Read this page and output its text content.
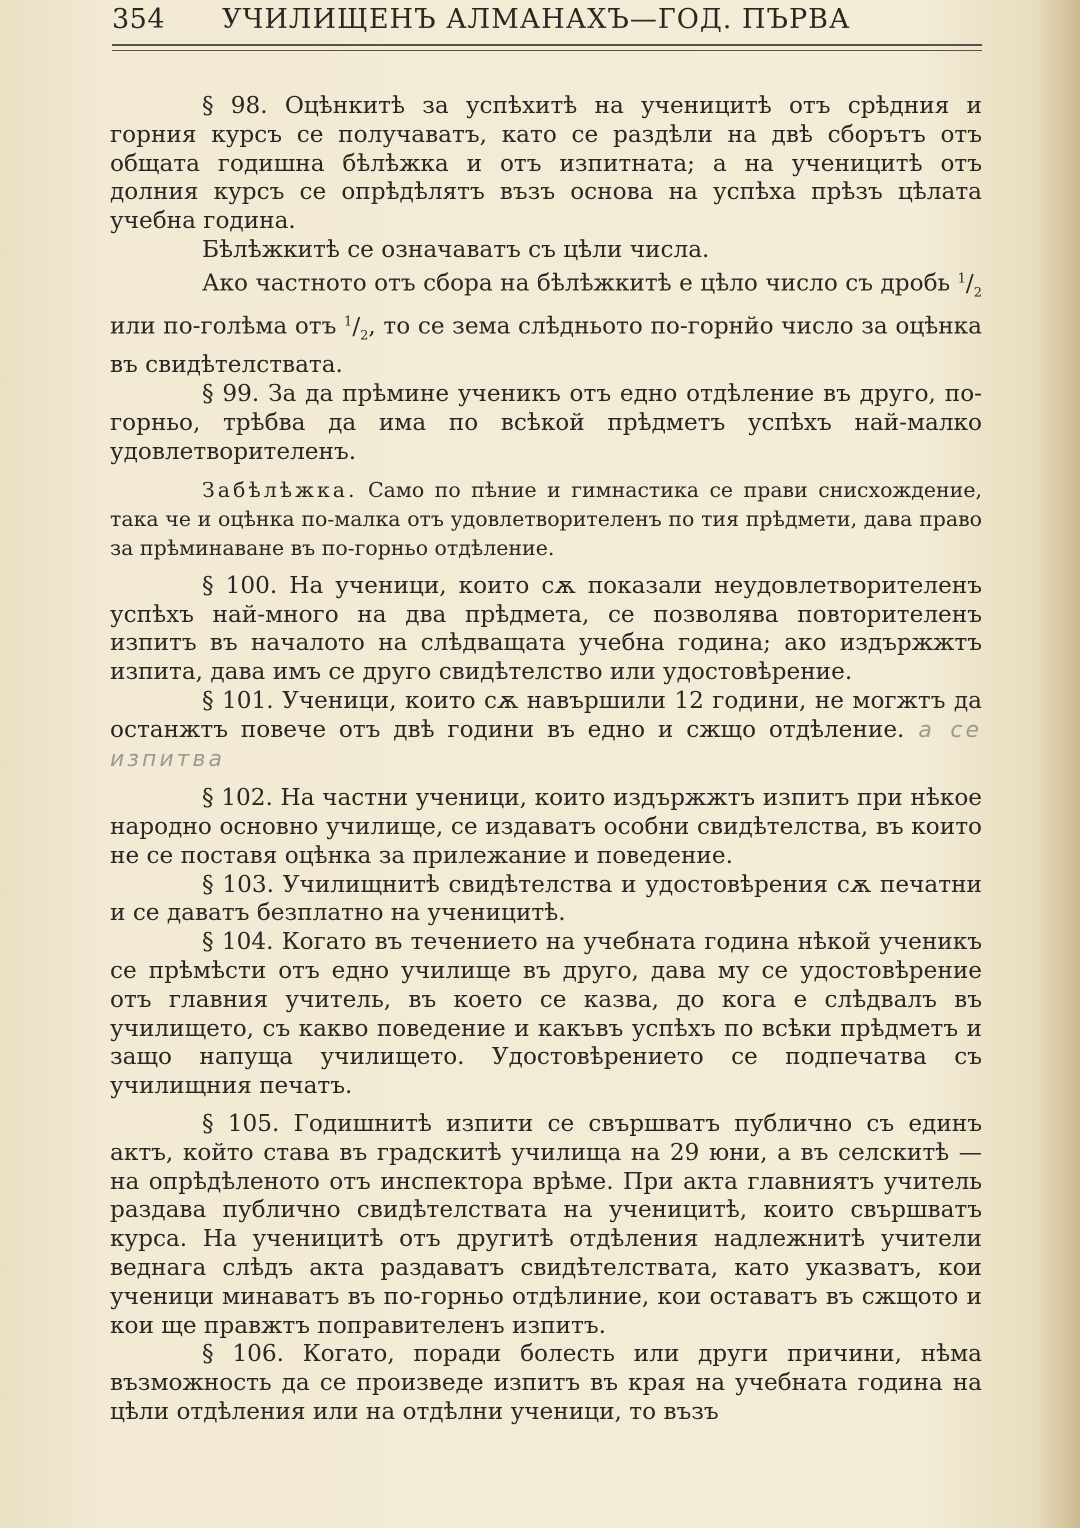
354	УЧИЛИЩЕНЪ АЛМАНАХЪ—ГОД. ПЪРВА

§ 98. Оцѣнкитѣ за успѣхитѣ на ученицитѣ отъ срѣдния и горния курсъ се получаватъ, като се раздѣли на двѣ сборътъ отъ общата годишна бѣлѣжка и отъ изпитната; а на ученицитѣ отъ долния курсъ се опрѣдѣлятъ възъ основа на успѣха прѣзъ цѣлата учебна година.

Бѣлѣжкитѣ се означаватъ съ цѣли числа.

Ако частното отъ сбора на бѣлѣжкитѣ е цѣло число съ дробь $^1/_2$ или по-голѣма отъ $^1/_2$, то се зема слѣдньото по-горнйо число за оцѣнка въ свидѣтелствата.

§ 99. За да прѣмине ученикъ отъ едно отдѣление въ друго, по-горньо, трѣбва да има по всѣкой прѣдметъ успѣхъ най-малко удовлетворителенъ.

Забѣлѣжка. Само по пѣние и гимнастика се прави снисхождение, така че и оцѣнка по-малка отъ удовлетворителенъ по тия прѣдмети, дава право за прѣминаване въ по-горньо отдѣление.

§ 100. На ученици, които сѫ показали неудовлетворителенъ успѣхъ най-много на два прѣдмета, се позволява повторителенъ изпитъ въ началото на слѣдващата учебна година; ако издържжтъ изпита, дава имъ се друго свидѣтелство или удостовѣрение.

§ 101. Ученици, които сѫ навършили 12 години, не могжтъ да останжтъ повече отъ двѣ години въ едно и сжщо отдѣление. а се изпитва

§ 102. На частни ученици, които издържжтъ изпитъ при нѣкое народно основно училище, се издаватъ особни свидѣтелства, въ които не се поставя оцѣнка за прилежание и поведение.

§ 103. Училищнитѣ свидѣтелства и удостовѣрения сѫ печатни и се даватъ безплатно на ученицитѣ.

§ 104. Когато въ течението на учебната година нѣкой ученикъ се прѣмѣсти отъ едно училище въ друго, дава му се удостовѣрение отъ главния учитель, въ което се казва, до кога е слѣдвалъ въ училището, съ какво поведение и какъвъ успѣхъ по всѣки прѣдметъ и защо напуща училището. Удостовѣрението се подпечатва съ училищния печатъ.

§ 105. Годишнитѣ изпити се свършватъ публично съ единъ актъ, който става въ градскитѣ училища на 29 юни, а въ селскитѣ — на опрѣдѣленото отъ инспектора врѣме. При акта главниятъ учитель раздава публично свидѣтелствата на ученицитѣ, които свършватъ курса. На ученицитѣ отъ другитѣ отдѣления надлежнитѣ учители веднага слѣдъ акта раздаватъ свидѣтелствата, като указватъ, кои ученици минаватъ въ по-горньо отдѣлиние, кои оставатъ въ сжщото и кои ще правжтъ поправителенъ изпитъ.

§ 106. Когато, поради болесть или други причини, нѣма възможность да се произведе изпитъ въ края на учебната година на цѣли отдѣления или на отдѣлни ученици, то възъ
